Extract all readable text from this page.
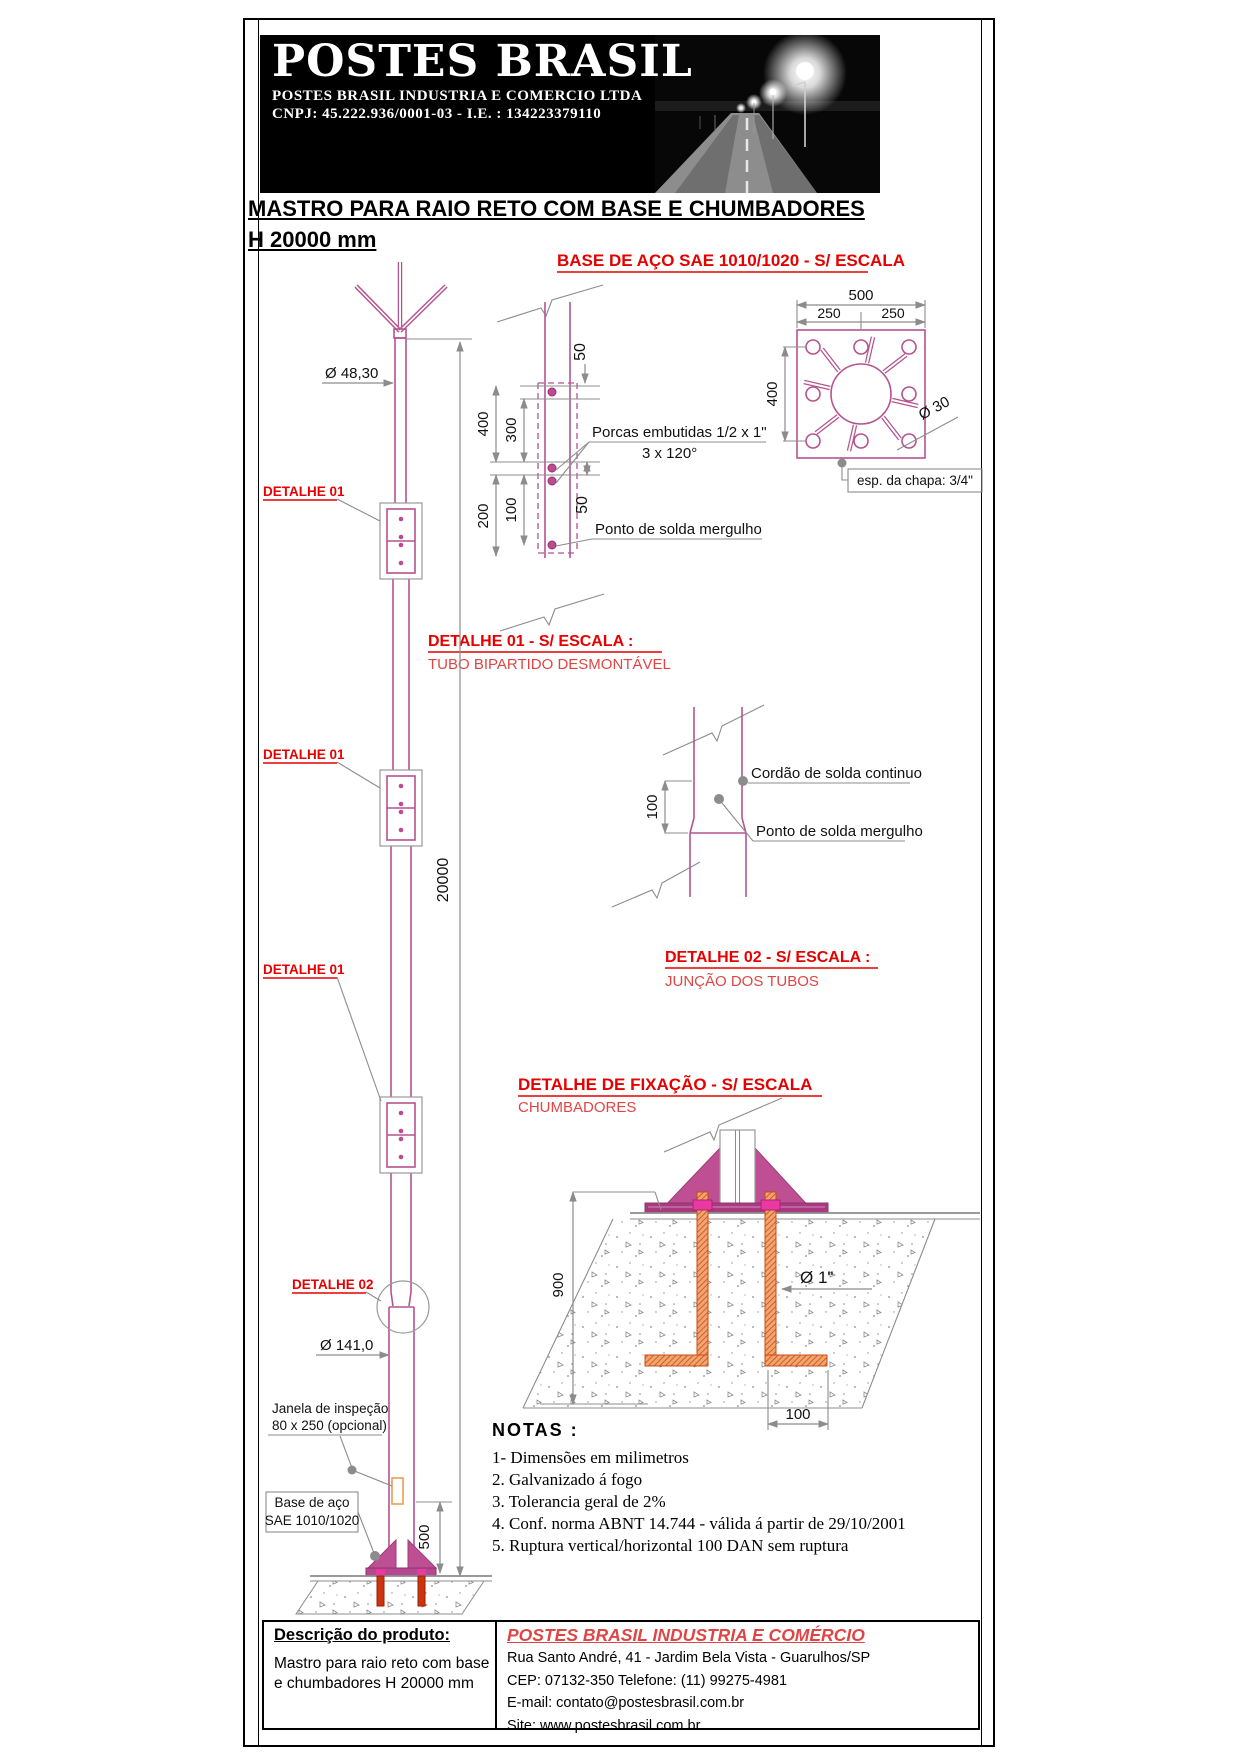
POSTES BRASIL
POSTES BRASIL INDUSTRIA E COMERCIO LTDA
CNPJ: 45.222.936/0001-03 - I.E. : 134223379110
MASTRO PARA RAIO RETO COM BASE E CHUMBADORES
H 20000 mm
BASE DE AÇO SAE 1010/1020 - S/ ESCALA
500
250	250
400	Ø 30
esp. da chapa: 3/4"
50
400 300
200 100	50
Porcas embutidas 1/2 x 1"
3 x 120°
Ponto de solda mergulho
DETALHE 01 - S/ ESCALA :
TUBO BIPARTIDO DESMONTÁVEL
Cordão de solda continuo
Ponto de solda mergulho
100
DETALHE 02 - S/ ESCALA :
JUNÇÃO DOS TUBOS
DETALHE DE FIXAÇÃO - S/ ESCALA
CHUMBADORES
900	Ø 1"
100
Ø 48,30
20000
500
DETALHE 01
DETALHE 01
DETALHE 01
DETALHE 02
Ø 141,0
Janela de inspeção
80 x 250 (opcional)
Base de aço
SAE 1010/1020
NOTAS :
1- Dimensões em milimetros
2. Galvanizado á fogo
3. Tolerancia geral de 2%
4. Conf. norma ABNT 14.744 - válida á partir de 29/10/2001
5. Ruptura vertical/horizontal 100 DAN sem ruptura
Descrição do produto:
Mastro para raio reto com base e chumbadores H 20000 mm
POSTES BRASIL INDUSTRIA E COMÉRCIO
Rua Santo André, 41 - Jardim Bela Vista - Guarulhos/SP
CEP: 07132-350 Telefone: (11) 99275-4981
E-mail: contato@postesbrasil.com.br
Site: www.postesbrasil.com.br
